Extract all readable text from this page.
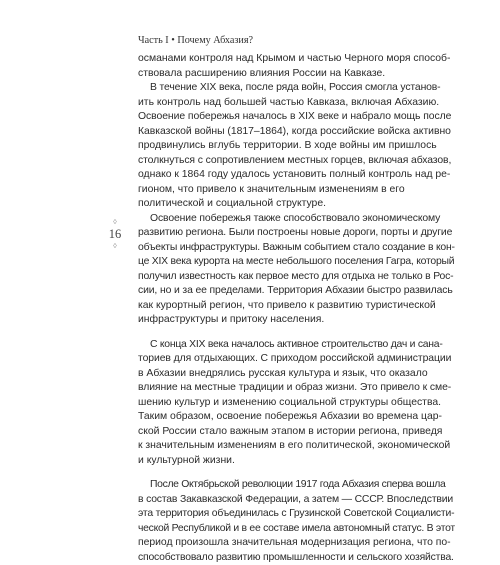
Часть I • Почему Абхазия?
◊
16
◊
османами контроля над Крымом и частью Черного моря способ-
ствовала расширению влияния России на Кавказе.
В течение XIX века, после ряда войн, Россия смогла установ-
ить контроль над большей частью Кавказа, включая Абхазию.
Освоение побережья началось в XIX веке и набрало мощь после
Кавказской войны (1817–1864), когда российские войска активно
продвинулись вглубь территории. В ходе войны им пришлось
столкнуться с сопротивлением местных горцев, включая абхазов,
однако к 1864 году удалось установить полный контроль над ре-
гионом, что привело к значительным изменениям в его политической и социальной структуре.
Освоение побережья также способствовало экономическому
развитию региона. Были построены новые дороги, порты и другие
объекты инфраструктуры. Важным событием стало создание в кон-
це XIX века курорта на месте небольшого поселения Гагра, который
получил известность как первое место для отдыха не только в Рос-
сии, но и за ее пределами. Территория Абхазии быстро развилась
как курортный регион, что привело к развитию туристической
инфраструктуры и притоку населения.
С конца XIX века началось активное строительство дач и сана-
ториев для отдыхающих. С приходом российской администрации
в Абхазии внедрялись русская культура и язык, что оказало
влияние на местные традиции и образ жизни. Это привело к сме-
шению культур и изменению социальной структуры общества.
Таким образом, освоение побережья Абхазии во времена цар-
ской России стало важным этапом в истории региона, приведя
к значительным изменениям в его политической, экономической
и культурной жизни.
После Октябрьской революции 1917 года Абхазия сперва вошла
в состав Закавказской Федерации, а затем — СССР. Впоследствии
эта территория объединилась с Грузинской Советской Социалисти-
ческой Республикой и в ее составе имела автономный статус. В этот
период произошла значительная модернизация региона, что по-
способствовало развитию промышленности и сельского хозяйства.
